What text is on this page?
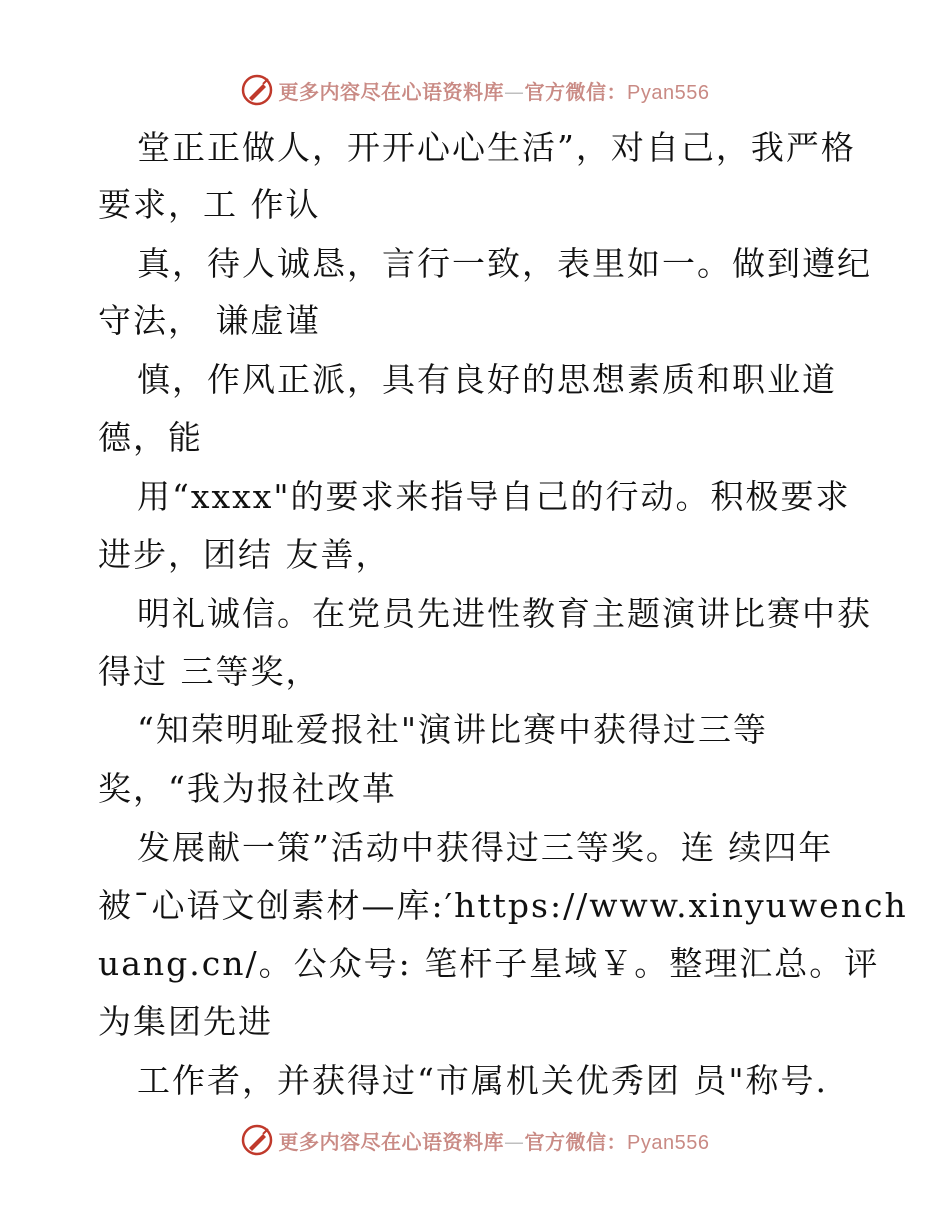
更多内容尽在心语资料库—官方微信：Pyan556
堂正正做人，开开心心生活”，对自己，我严格
要求，工 作认
真，待人诚恳，言行一致，表里如一。做到遵纪
守法， 谦虚谨
慎，作风正派，具有良好的思想素质和职业道
德，能
用“xxxx"的要求来指导自己的行动。积极要求
进步，团结 友善，
明礼诚信。在党员先进性教育主题演讲比赛中获
得过 三等奖，
“知荣明耻爱报社"演讲比赛中获得过三等
奖，“我为报社改革
发展献一策”活动中获得过三等奖。连 续四年
被¯心语文创素材—库:′https://www.xinyuwench
uang.cn/。公众号: 笔杆子星域￥。整理汇总。评
为集团先进
工作者，并获得过“市属机关优秀团 员"称号.
更多内容尽在心语资料库—官方微信：Pyan556
